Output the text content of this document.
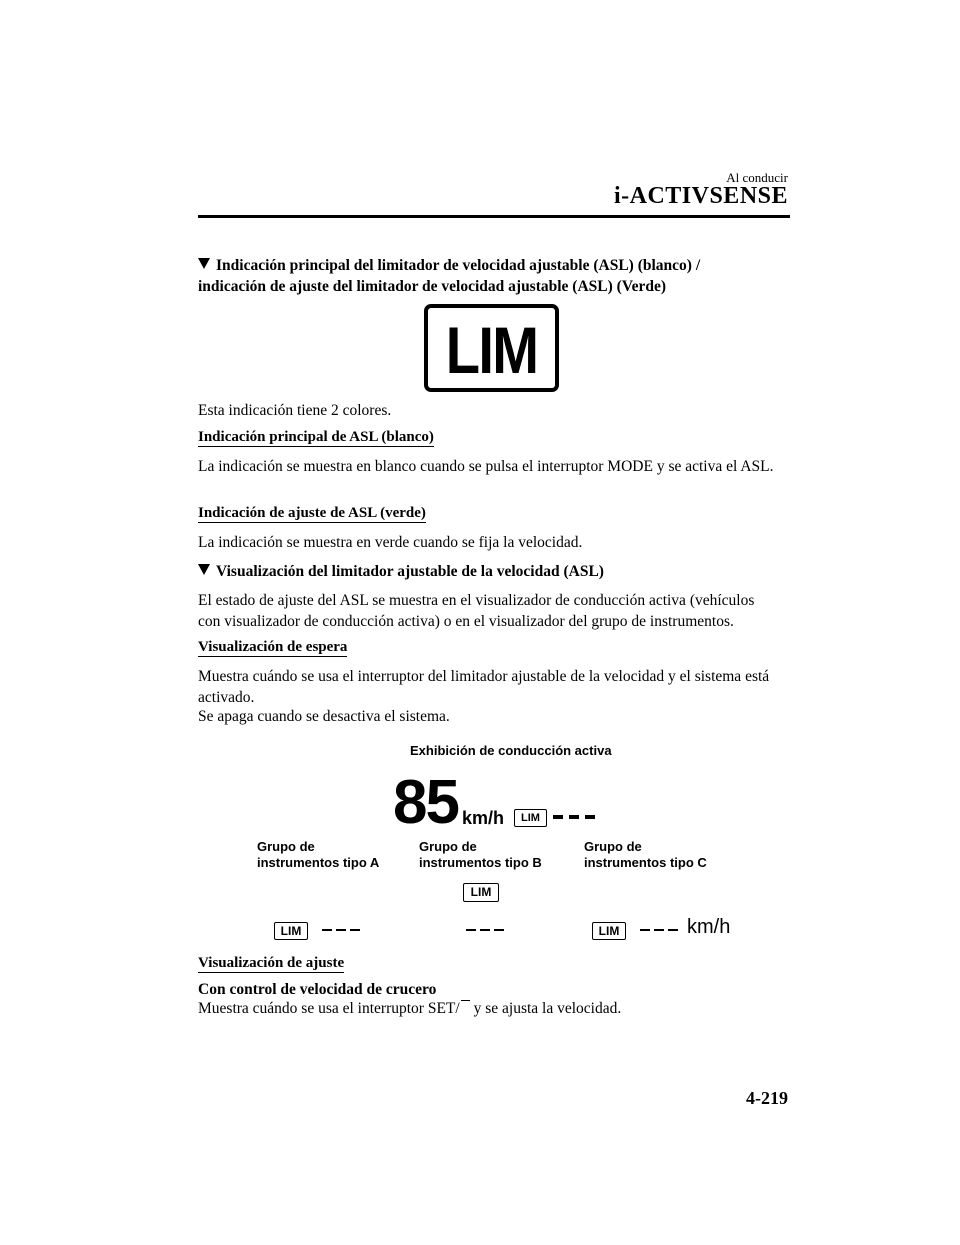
Al conducir
i-ACTIVSENSE
Indicación principal del limitador de velocidad ajustable (ASL) (blanco) / indicación de ajuste del limitador de velocidad ajustable (ASL) (Verde)
LIM
Esta indicación tiene 2 colores.
Indicación principal de ASL (blanco)
La indicación se muestra en blanco cuando se pulsa el interruptor MODE y se activa el ASL.
Indicación de ajuste de ASL (verde)
La indicación se muestra en verde cuando se fija la velocidad.
Visualización del limitador ajustable de la velocidad (ASL)
El estado de ajuste del ASL se muestra en el visualizador de conducción activa (vehículos con visualizador de conducción activa) o en el visualizador del grupo de instrumentos.
Visualización de espera
Muestra cuándo se usa el interruptor del limitador ajustable de la velocidad y el sistema está activado.
Se apaga cuando se desactiva el sistema.
Exhibición de conducción activa
85 km/h	LIM
Grupo de
instrumentos tipo A
Grupo de
instrumentos tipo B
Grupo de
instrumentos tipo C
LIM
LIM	LIM	km/h
Visualización de ajuste
Con control de velocidad de crucero
Muestra cuándo se usa el interruptor SET/ y se ajusta la velocidad.
4-219
